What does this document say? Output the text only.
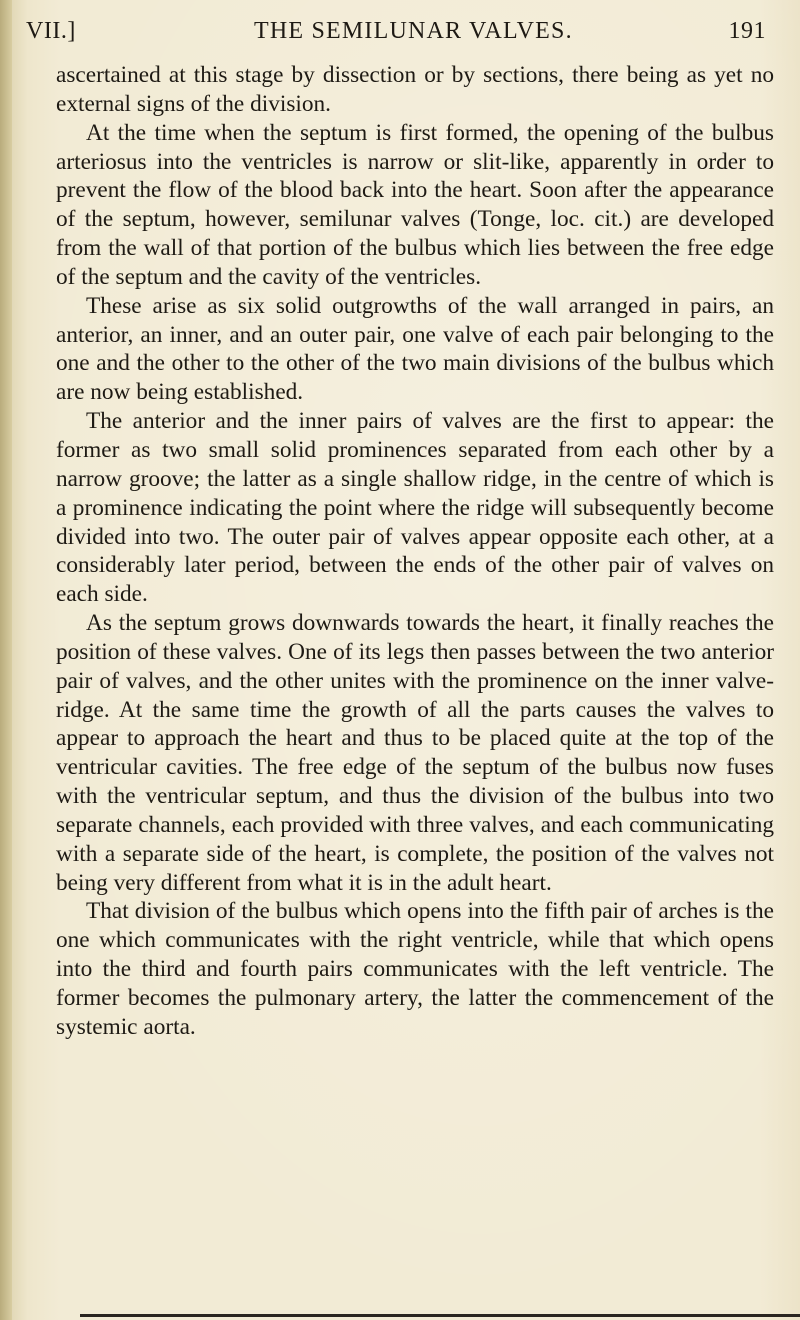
VII.]	THE SEMILUNAR VALVES.	191

ascertained at this stage by dissection or by sections, there being as yet no external signs of the division.

At the time when the septum is first formed, the opening of the bulbus arteriosus into the ventricles is narrow or slit-like, apparently in order to prevent the flow of the blood back into the heart. Soon after the appearance of the septum, however, semilunar valves (Tonge, loc. cit.) are developed from the wall of that portion of the bulbus which lies between the free edge of the septum and the cavity of the ventricles.

These arise as six solid outgrowths of the wall arranged in pairs, an anterior, an inner, and an outer pair, one valve of each pair belonging to the one and the other to the other of the two main divisions of the bulbus which are now being established.

The anterior and the inner pairs of valves are the first to appear: the former as two small solid prominences separated from each other by a narrow groove; the latter as a single shallow ridge, in the centre of which is a prominence indicating the point where the ridge will subsequently become divided into two. The outer pair of valves appear opposite each other, at a considerably later period, between the ends of the other pair of valves on each side.

As the septum grows downwards towards the heart, it finally reaches the position of these valves. One of its legs then passes between the two anterior pair of valves, and the other unites with the prominence on the inner valve-ridge. At the same time the growth of all the parts causes the valves to appear to approach the heart and thus to be placed quite at the top of the ventricular cavities. The free edge of the septum of the bulbus now fuses with the ventricular septum, and thus the division of the bulbus into two separate channels, each provided with three valves, and each communicating with a separate side of the heart, is complete, the position of the valves not being very different from what it is in the adult heart.

That division of the bulbus which opens into the fifth pair of arches is the one which communicates with the right ventricle, while that which opens into the third and fourth pairs communicates with the left ventricle. The former becomes the pulmonary artery, the latter the commencement of the systemic aorta.
